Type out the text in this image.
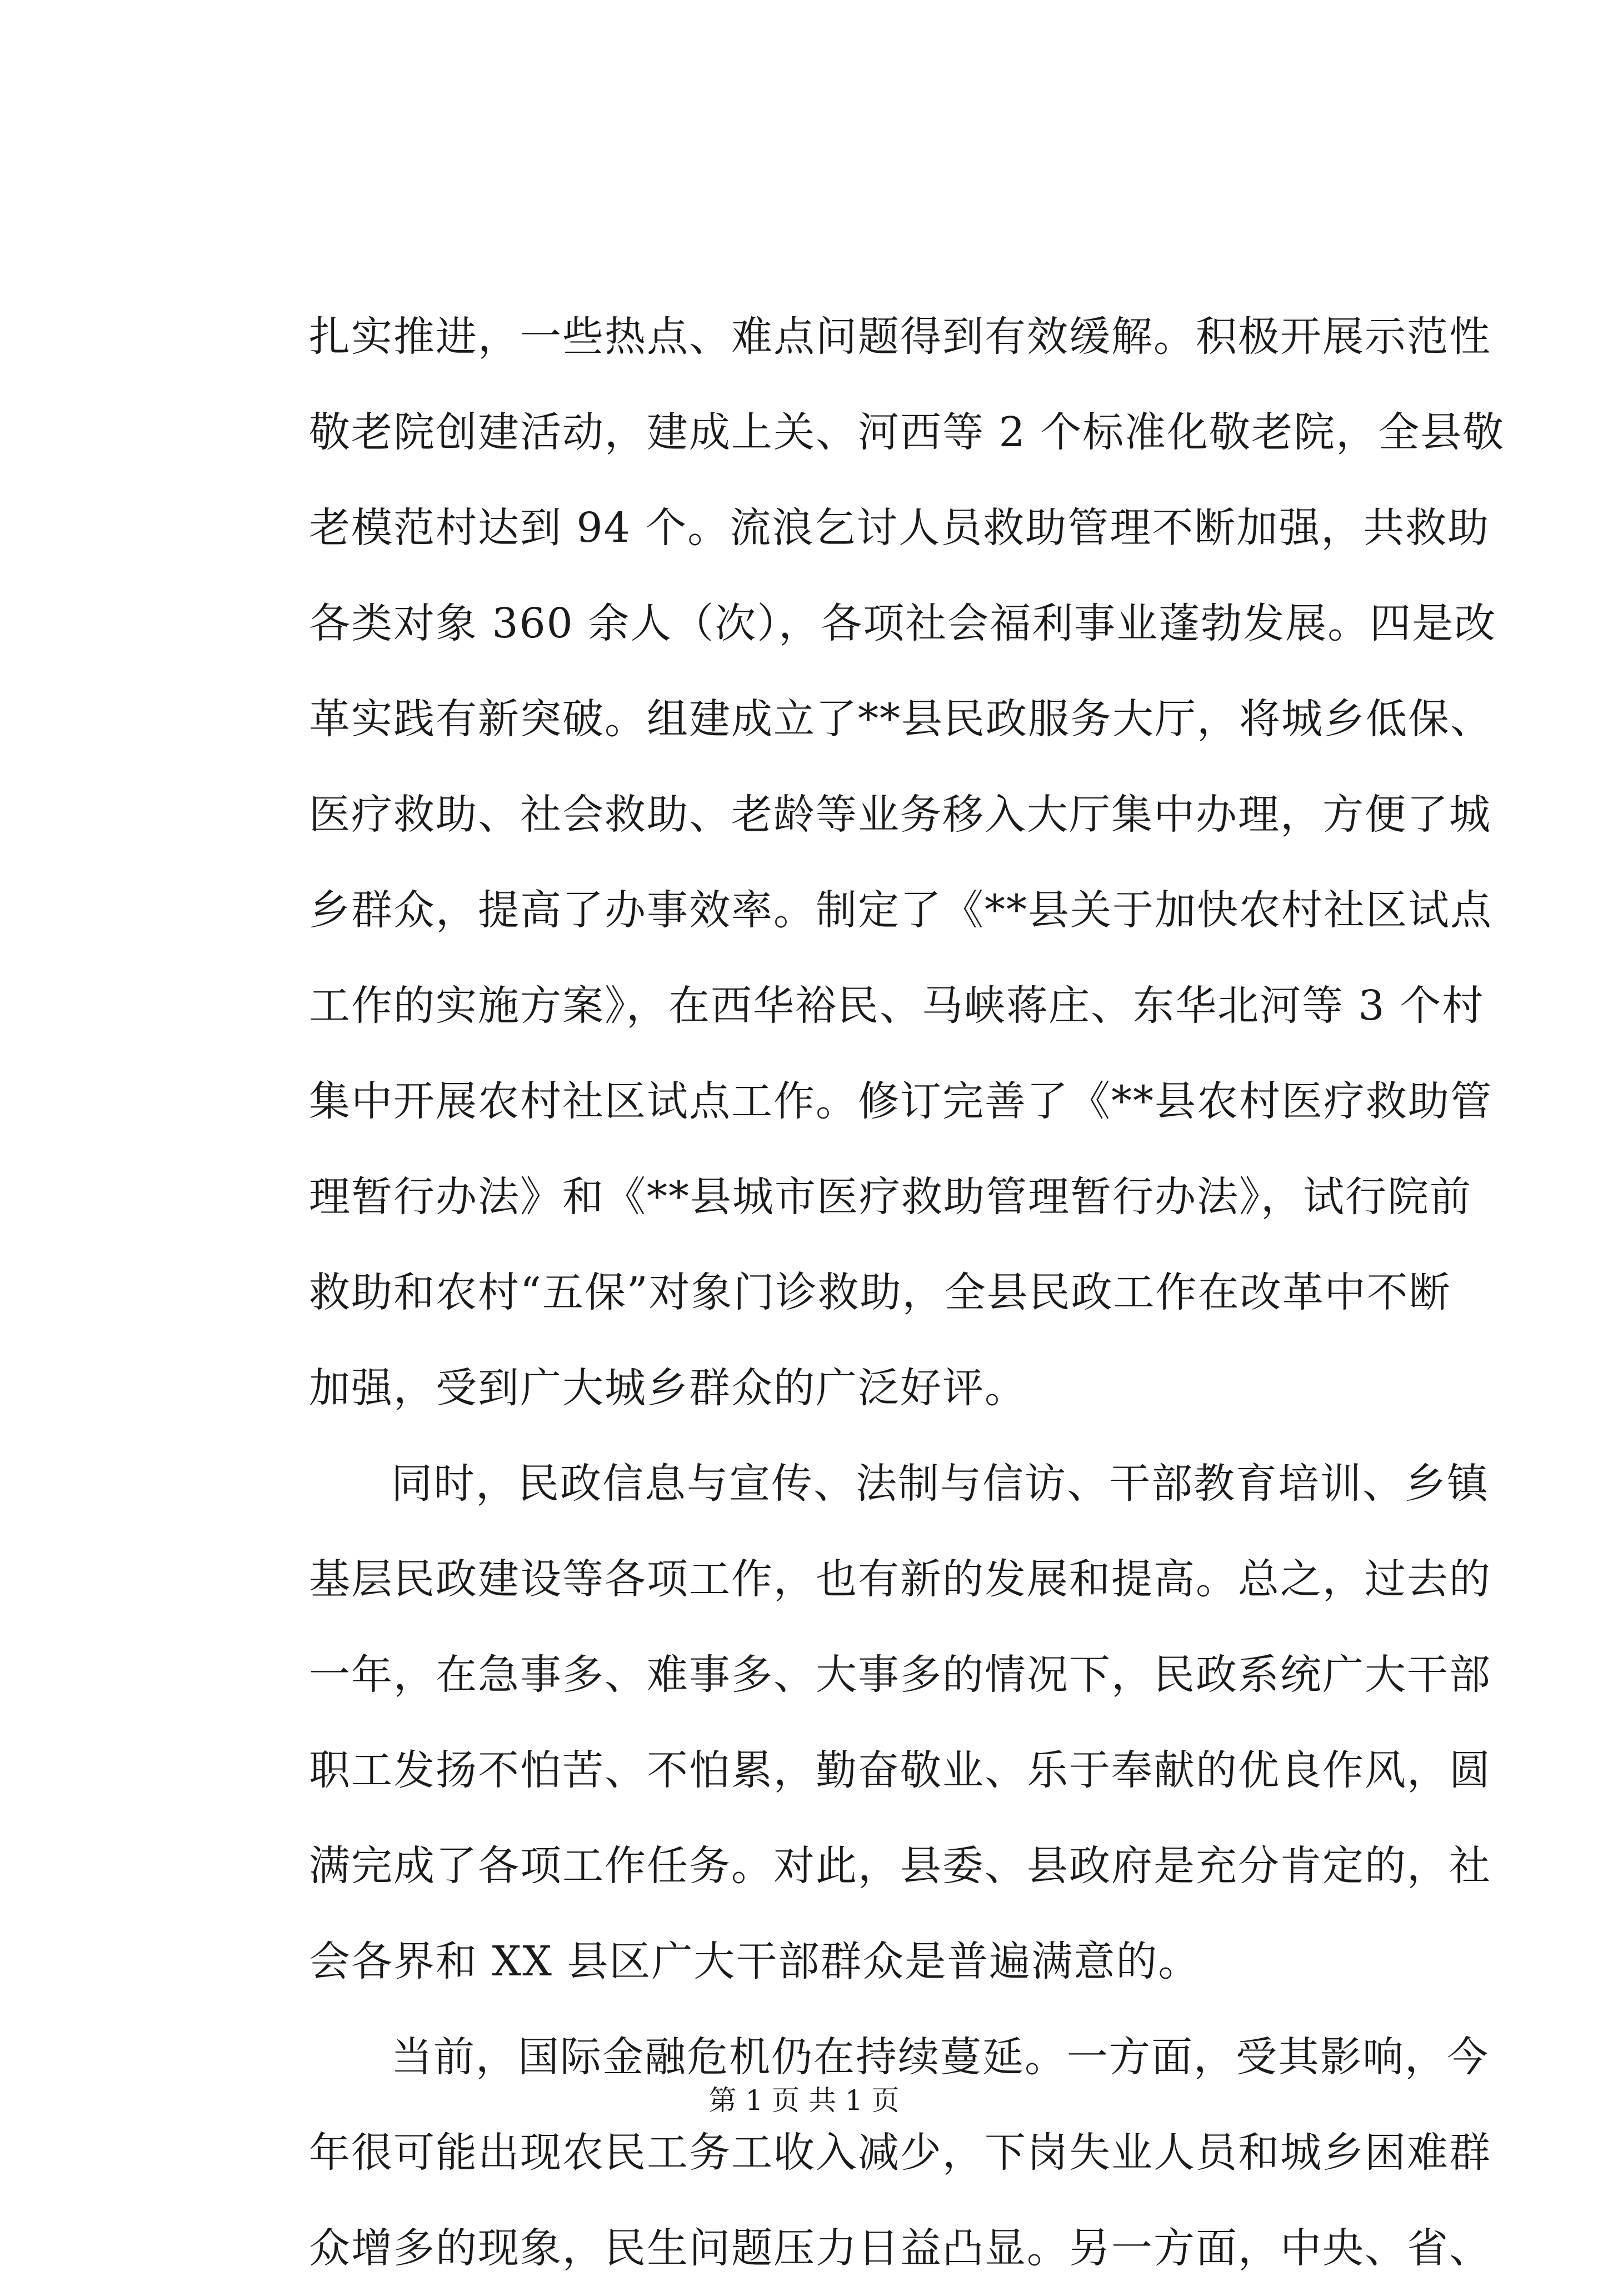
扎实推进，一些热点、难点问题得到有效缓解。积极开展示范性
敬老院创建活动，建成上关、河西等 2 个标准化敬老院，全县敬
老模范村达到 94 个。流浪乞讨人员救助管理不断加强，共救助
各类对象 360 余人（次），各项社会福利事业蓬勃发展。四是改
革实践有新突破。组建成立了**县民政服务大厅，将城乡低保、
医疗救助、社会救助、老龄等业务移入大厅集中办理，方便了城
乡群众，提高了办事效率。制定了《**县关于加快农村社区试点
工作的实施方案》，在西华裕民、马峡蒋庄、东华北河等 3 个村
集中开展农村社区试点工作。修订完善了《**县农村医疗救助管
理暂行办法》和《**县城市医疗救助管理暂行办法》，试行院前
救助和农村“五保”对象门诊救助，全县民政工作在改革中不断
加强，受到广大城乡群众的广泛好评。
同时，民政信息与宣传、法制与信访、干部教育培训、乡镇
基层民政建设等各项工作，也有新的发展和提高。总之，过去的
一年，在急事多、难事多、大事多的情况下，民政系统广大干部
职工发扬不怕苦、不怕累，勤奋敬业、乐于奉献的优良作风，圆
满完成了各项工作任务。对此，县委、县政府是充分肯定的，社
会各界和 XX 县区广大干部群众是普遍满意的。
当前，国际金融危机仍在持续蔓延。一方面，受其影响，今
年很可能出现农民工务工收入减少，下岗失业人员和城乡困难群
众增多的现象，民生问题压力日益凸显。另一方面，中央、省、
第 1 页 共 1 页
